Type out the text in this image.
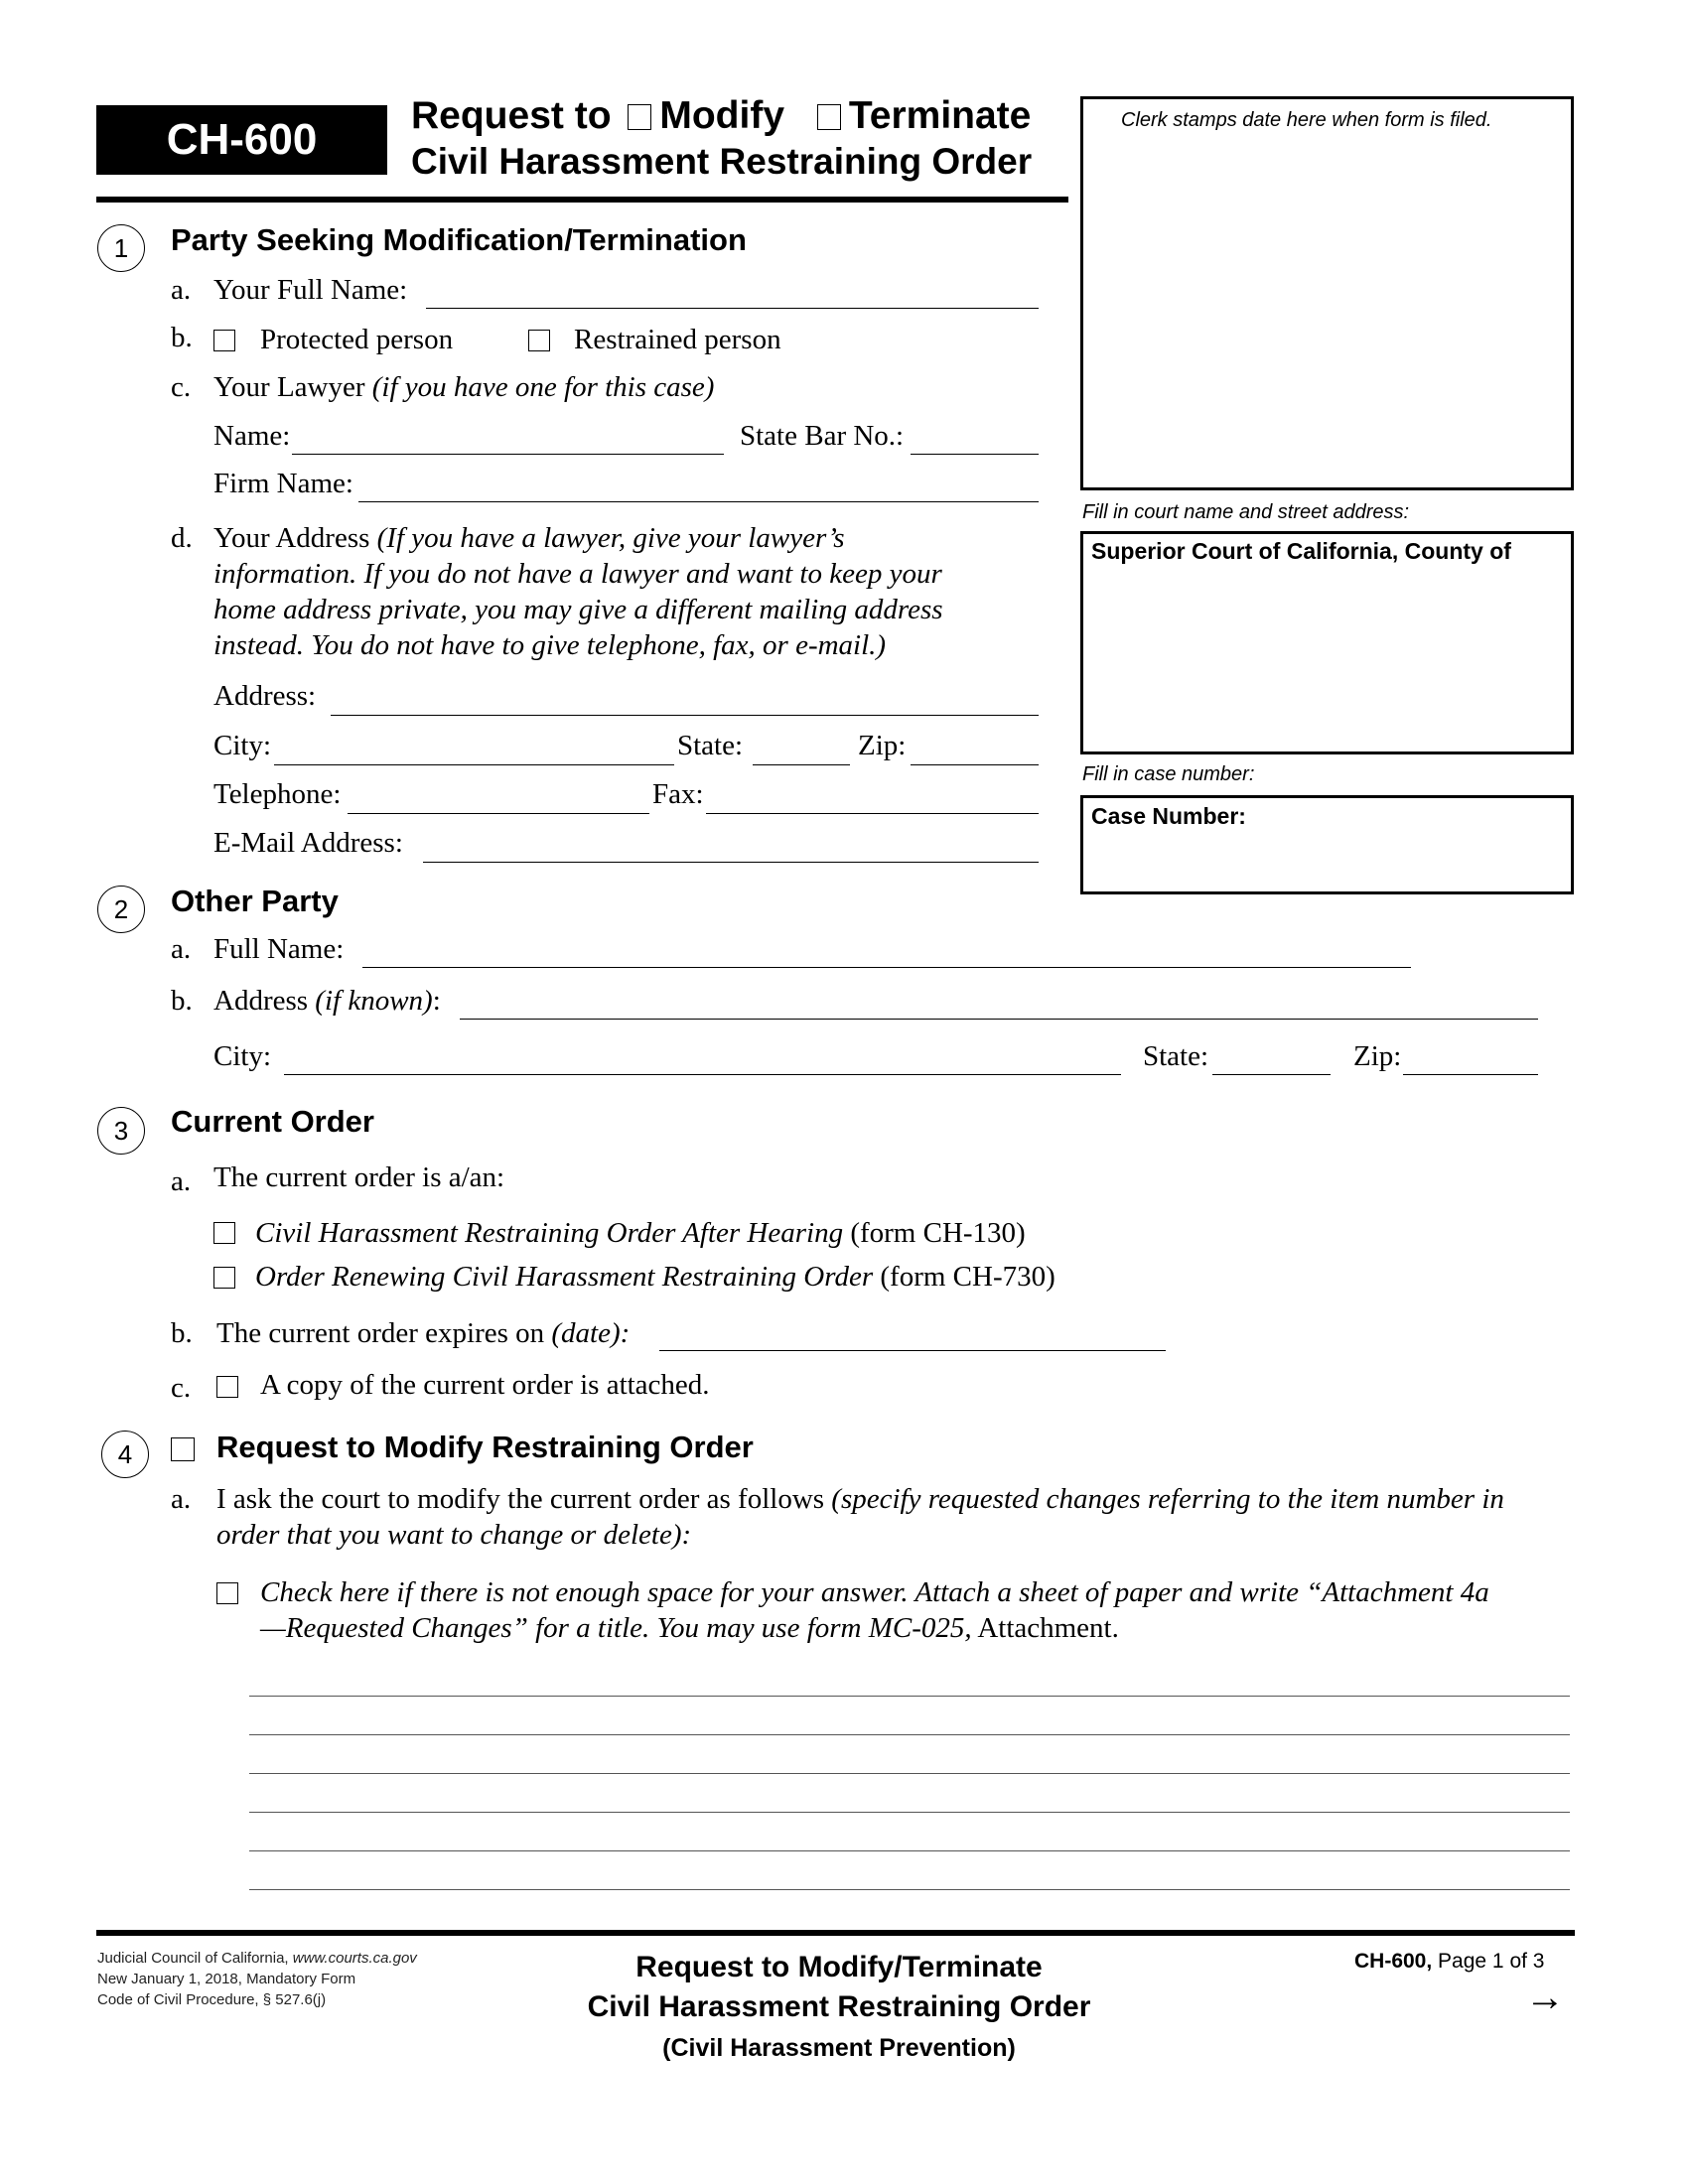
CH-600	Request to Modify Terminate
Civil Harassment Restraining Order
Clerk stamps date here when form is filed.
Fill in court name and street address:
Superior Court of California, County of
Fill in case number:
Case Number:
1	Party Seeking Modification/Termination
a. Your Full Name:
b. Protected person	Restrained person
c. Your Lawyer (if you have one for this case)
Name:	State Bar No.:
Firm Name:
d. Your Address (If you have a lawyer, give your lawyer’s
information. If you do not have a lawyer and want to keep your
home address private, you may give a different mailing address
instead. You do not have to give telephone, fax, or e-mail.)
Address:
City:	State:	Zip:
Telephone:	Fax:
E-Mail Address:
2	Other Party
a. Full Name:
b. Address (if known):
City:	State:	Zip:
3	Current Order
a. The current order is a/an:
Civil Harassment Restraining Order After Hearing (form CH-130)
Order Renewing Civil Harassment Restraining Order (form CH-730)
b. The current order expires on (date):
c. A copy of the current order is attached.
4	Request to Modify Restraining Order
a. I ask the court to modify the current order as follows (specify requested changes referring to the item number in
order that you want to change or delete):
Check here if there is not enough space for your answer. Attach a sheet of paper and write “Attachment 4a
—Requested Changes” for a title. You may use form MC-025, Attachment.
Judicial Council of California, www.courts.ca.gov
New January 1, 2018, Mandatory Form
Code of Civil Procedure, § 527.6(j)
Request to Modify/Terminate
Civil Harassment Restraining Order
(Civil Harassment Prevention)
CH-600, Page 1 of 3
→
